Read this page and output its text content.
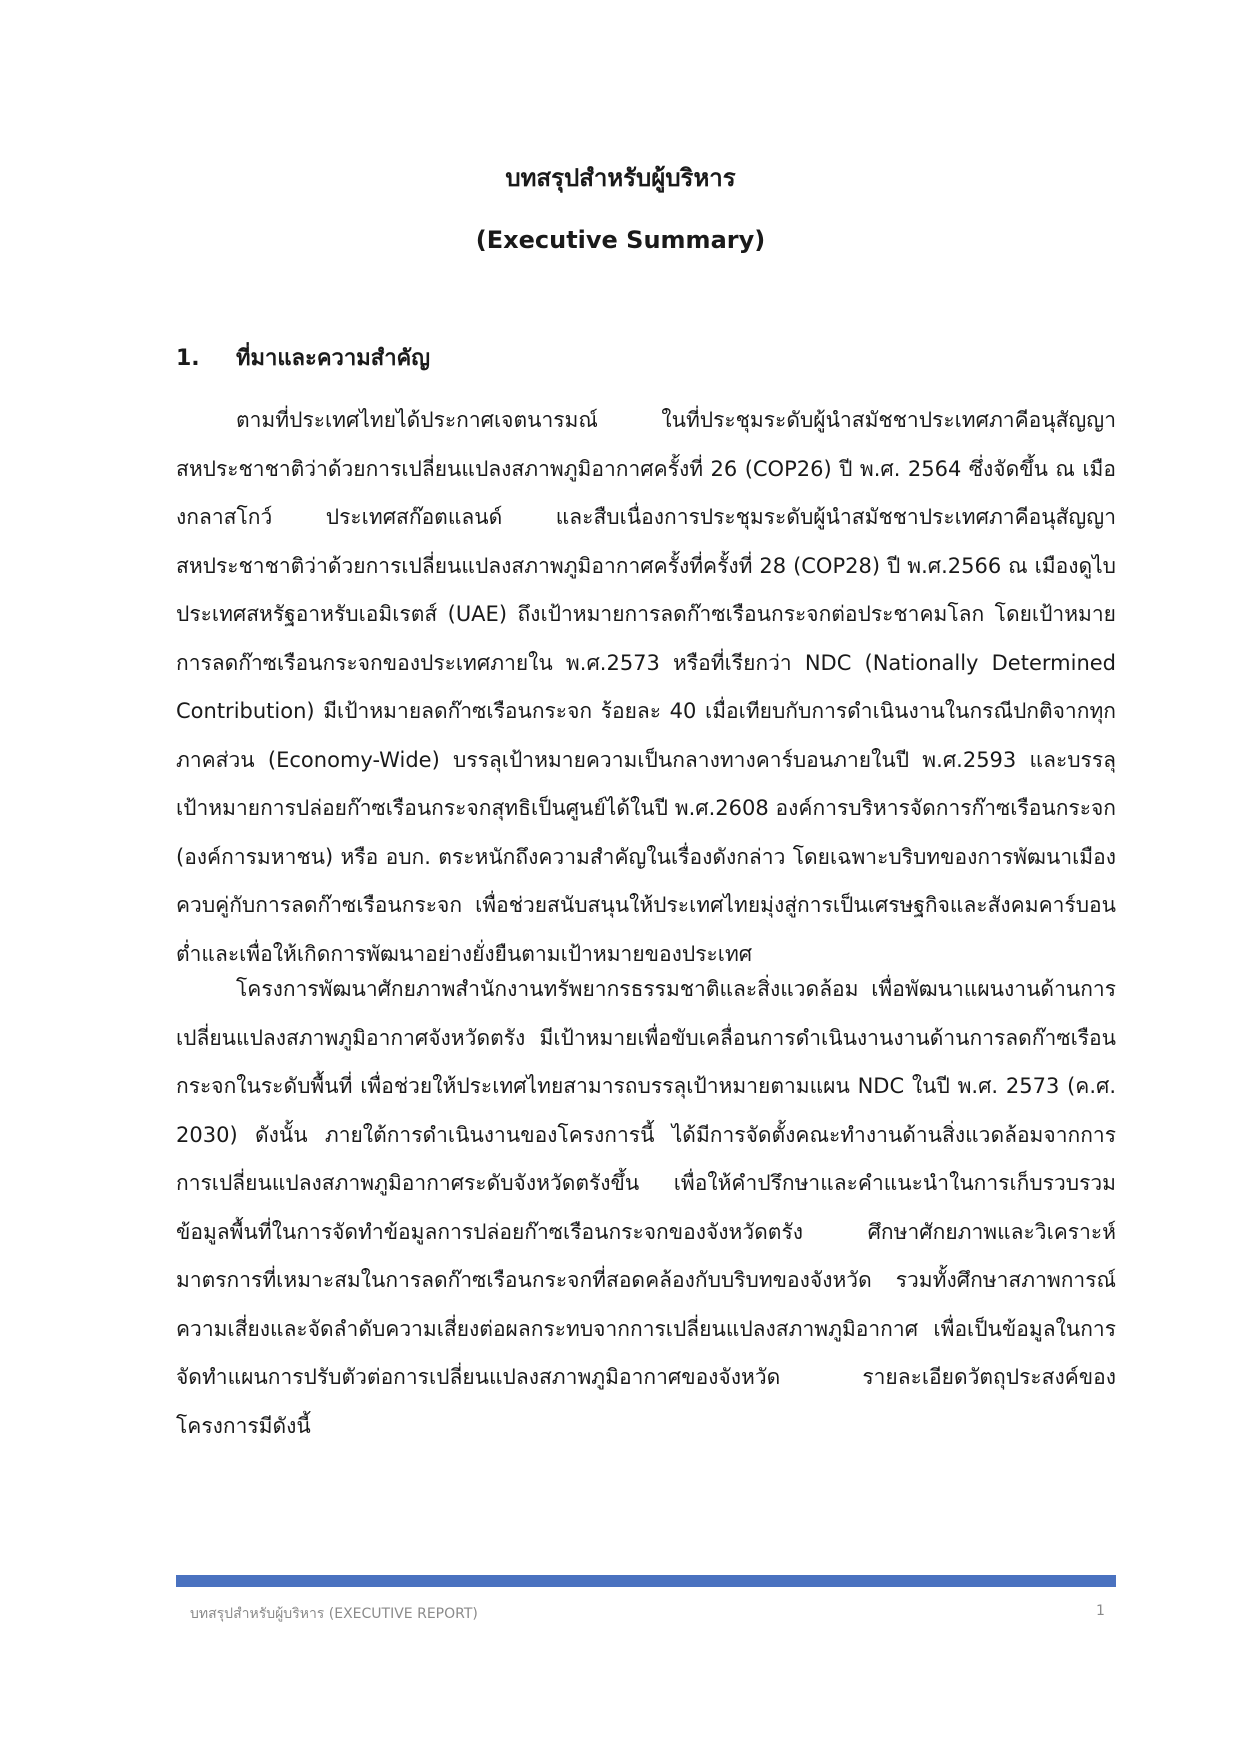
บทสรุปสำหรับผู้บริหาร
(Executive Summary)
1. ที่มาและความสำคัญ

ตามที่ประเทศไทยได้ประกาศเจตนารมณ์ ในที่ประชุมระดับผู้นำสมัชชาประเทศภาคีอนุสัญญาสหประชาชาติว่าด้วยการเปลี่ยนแปลงสภาพภูมิอากาศครั้งที่ 26 (COP26) ปี พ.ศ. 2564 ซึ่งจัดขึ้น ณ เมืองกลาสโกว์ ประเทศสก๊อตแลนด์ และสืบเนื่องการประชุมระดับผู้นำสมัชชาประเทศภาคีอนุสัญญาสหประชาชาติว่าด้วยการเปลี่ยนแปลงสภาพภูมิอากาศครั้งที่ครั้งที่ 28 (COP28) ปี พ.ศ.2566 ณ เมืองดูไบ ประเทศสหรัฐอาหรับเอมิเรตส์ (UAE) ถึงเป้าหมายการลดก๊าซเรือนกระจกต่อประชาคมโลก โดยเป้าหมายการลดก๊าซเรือนกระจกของประเทศภายใน พ.ศ.2573 หรือที่เรียกว่า NDC (Nationally Determined Contribution) มีเป้าหมายลดก๊าซเรือนกระจก ร้อยละ 40 เมื่อเทียบกับการดำเนินงานในกรณีปกติจากทุกภาคส่วน (Economy-Wide) บรรลุเป้าหมายความเป็นกลางทางคาร์บอนภายในปี พ.ศ.2593 และบรรลุเป้าหมายการปล่อยก๊าซเรือนกระจกสุทธิเป็นศูนย์ได้ในปี พ.ศ.2608 องค์การบริหารจัดการก๊าซเรือนกระจก (องค์การมหาชน) หรือ อบก. ตระหนักถึงความสำคัญในเรื่องดังกล่าว โดยเฉพาะบริบทของการพัฒนาเมืองควบคู่กับการลดก๊าซเรือนกระจก เพื่อช่วยสนับสนุนให้ประเทศไทยมุ่งสู่การเป็นเศรษฐกิจและสังคมคาร์บอนต่ำและเพื่อให้เกิดการพัฒนาอย่างยั่งยืนตามเป้าหมายของประเทศ

โครงการพัฒนาศักยภาพสำนักงานทรัพยากรธรรมชาติและสิ่งแวดล้อม เพื่อพัฒนาแผนงานด้านการเปลี่ยนแปลงสภาพภูมิอากาศจังหวัดตรัง มีเป้าหมายเพื่อขับเคลื่อนการดำเนินงานงานด้านการลดก๊าซเรือนกระจกในระดับพื้นที่ เพื่อช่วยให้ประเทศไทยสามารถบรรลุเป้าหมายตามแผน NDC ในปี พ.ศ. 2573 (ค.ศ. 2030) ดังนั้น ภายใต้การดำเนินงานของโครงการนี้ ได้มีการจัดตั้งคณะทำงานด้านสิ่งแวดล้อมจากการการเปลี่ยนแปลงสภาพภูมิอากาศระดับจังหวัดตรังขึ้น เพื่อให้คำปรึกษาและคำแนะนำในการเก็บรวบรวมข้อมูลพื้นที่ในการจัดทำข้อมูลการปล่อยก๊าซเรือนกระจกของจังหวัดตรัง ศึกษาศักยภาพและวิเคราะห์มาตรการที่เหมาะสมในการลดก๊าซเรือนกระจกที่สอดคล้องกับบริบทของจังหวัด รวมทั้งศึกษาสภาพการณ์ความเสี่ยงและจัดลำดับความเสี่ยงต่อผลกระทบจากการเปลี่ยนแปลงสภาพภูมิอากาศ เพื่อเป็นข้อมูลในการจัดทำแผนการปรับตัวต่อการเปลี่ยนแปลงสภาพภูมิอากาศของจังหวัด รายละเอียดวัตถุประสงค์ของโครงการมีดังนี้

บทสรุปสำหรับผู้บริหาร (EXECUTIVE REPORT)	1
